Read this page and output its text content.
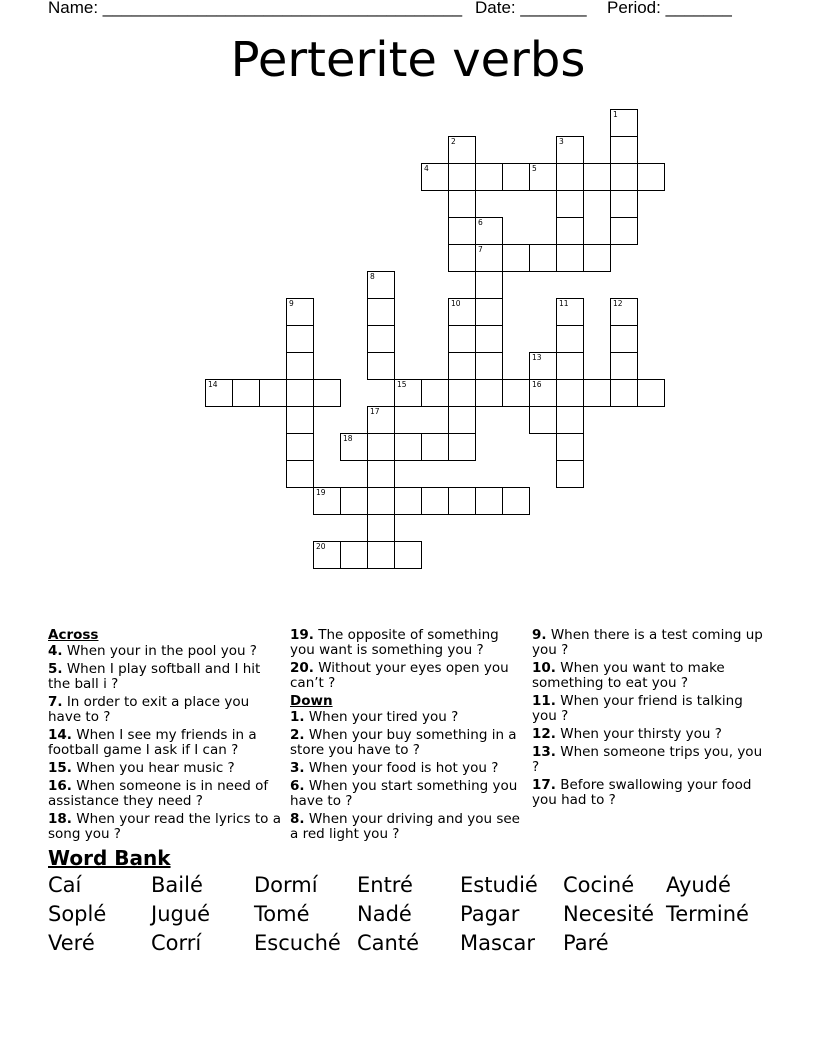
Name: ______________________________________ Date: _______ Period: _______
Perterite verbs
1
2	3
4	5
6
7
8
9	10	11	12
13
16
14	15
17
18
19
20
Across
4. When your in the pool you ?
5. When I play softball and I hit the ball i ?
7. In order to exit a place you have to ?
14. When I see my friends in a football game I ask if I can ?
15. When you hear music ?
16. When someone is in need of assistance they need ?
18. When your read the lyrics to a song you ?
19. The opposite of something you want is something you ?
20. Without your eyes open you can’t ?
Down
1. When your tired you ?
2. When your buy something in a store you have to ?
3. When your food is hot you ?
6. When you start something you have to ?
8. When your driving and you see a red light you ?
9. When there is a test coming up you ?
10. When you want to make something to eat you ?
11. When your friend is talking you ?
12. When your thirsty you ?
13. When someone trips you, you ?
17. Before swallowing your food you had to ?
Word Bank
Caí	Bailé	Dormí	Entré	Estudié	Cociné	Ayudé
Soplé	Jugué	Tomé	Nadé	Pagar	Necesité Terminé
Veré	Corrí	Escuché Canté	Mascar	Paré
